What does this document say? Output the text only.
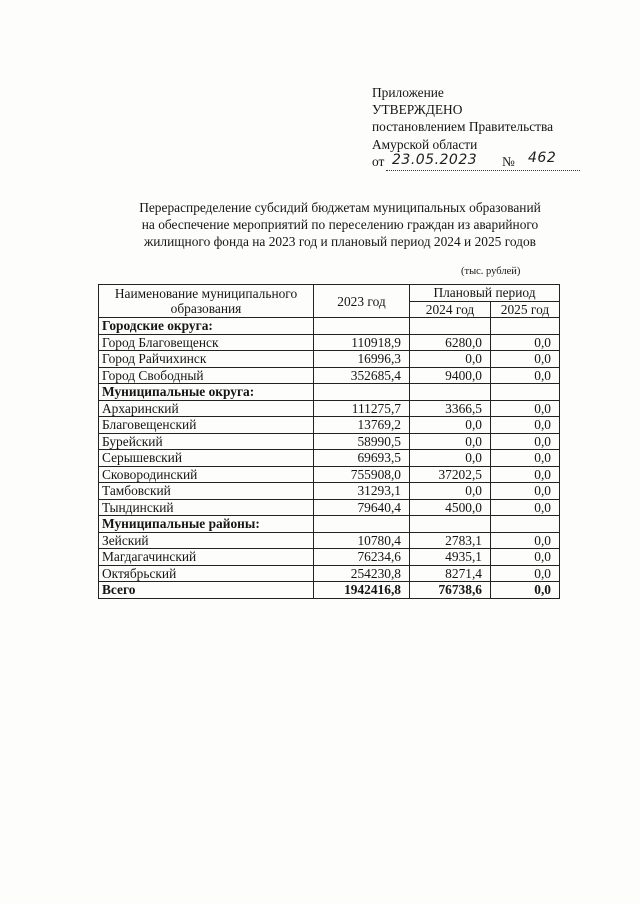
Приложение
УТВЕРЖДЕНО
постановлением Правительства
Амурской области
от 23.05.2023 № 462
Перераспределение субсидий бюджетам муниципальных образований
на обеспечение мероприятий по переселению граждан из аварийного
жилищного фонда на 2023 год и плановый период 2024 и 2025 годов
(тыс. рублей)
Наименование муниципального
образования	2023 год	Плановый период	
		2024 год	2025 год
Городские округа:			
Город Благовещенск	110918,9	6280,0	0,0
Город Райчихинск	16996,3	0,0	0,0
Город Свободный	352685,4	9400,0	0,0
Муниципальные округа:			
Архаринский	111275,7	3366,5	0,0
Благовещенский	13769,2	0,0	0,0
Бурейский	58990,5	0,0	0,0
Серышевский	69693,5	0,0	0,0
Сковородинский	755908,0	37202,5	0,0
Тамбовский	31293,1	0,0	0,0
Тындинский	79640,4	4500,0	0,0
Муниципальные районы:			
Зейский	10780,4	2783,1	0,0
Магдагачинский	76234,6	4935,1	0,0
Октябрьский	254230,8	8271,4	0,0
Всего	1942416,8	76738,6	0,0
